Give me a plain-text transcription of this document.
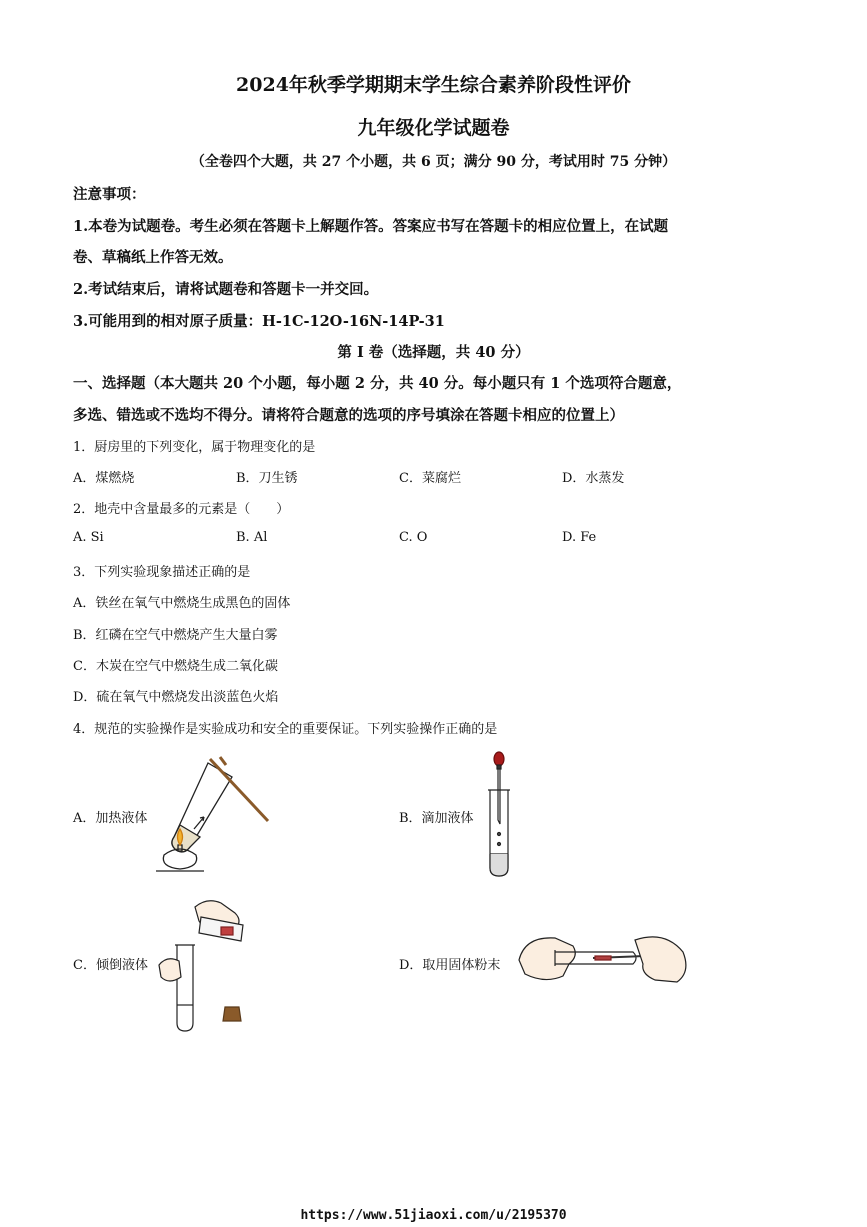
2024年秋季学期期末学生综合素养阶段性评价
九年级化学试题卷
（全卷四个大题，共 27 个小题，共 6 页；满分 90 分，考试用时 75 分钟）
注意事项：
1.本卷为试题卷。考生必须在答题卡上解题作答。答案应书写在答题卡的相应位置上，在试题
卷、草稿纸上作答无效。
2.考试结束后，请将试题卷和答题卡一并交回。
3.可能用到的相对原子质量：H-1C-12O-16N-14P-31
第 I 卷（选择题，共 40 分）
一、选择题（本大题共 20 个小题，每小题 2 分，共 40 分。每小题只有 1 个选项符合题意，
多选、错选或不选均不得分。请将符合题意的选项的序号填涂在答题卡相应的位置上）
1．厨房里的下列变化，属于物理变化的是
A．煤燃烧	B．刀生锈	C．菜腐烂	D．水蒸发
2．地壳中含量最多的元素是（　　）
A. Si	B. Al	C. O	D. Fe
3．下列实验现象描述正确的是
A．铁丝在氧气中燃烧生成黑色的固体
B．红磷在空气中燃烧产生大量白雾
C．木炭在空气中燃烧生成二氧化碳
D．硫在氧气中燃烧发出淡蓝色火焰
4．规范的实验操作是实验成功和安全的重要保证。下列实验操作正确的是
A．加热液体	B．滴加液体
C．倾倒液体	D．取用固体粉末
https://www.51jiaoxi.com/u/2195370
